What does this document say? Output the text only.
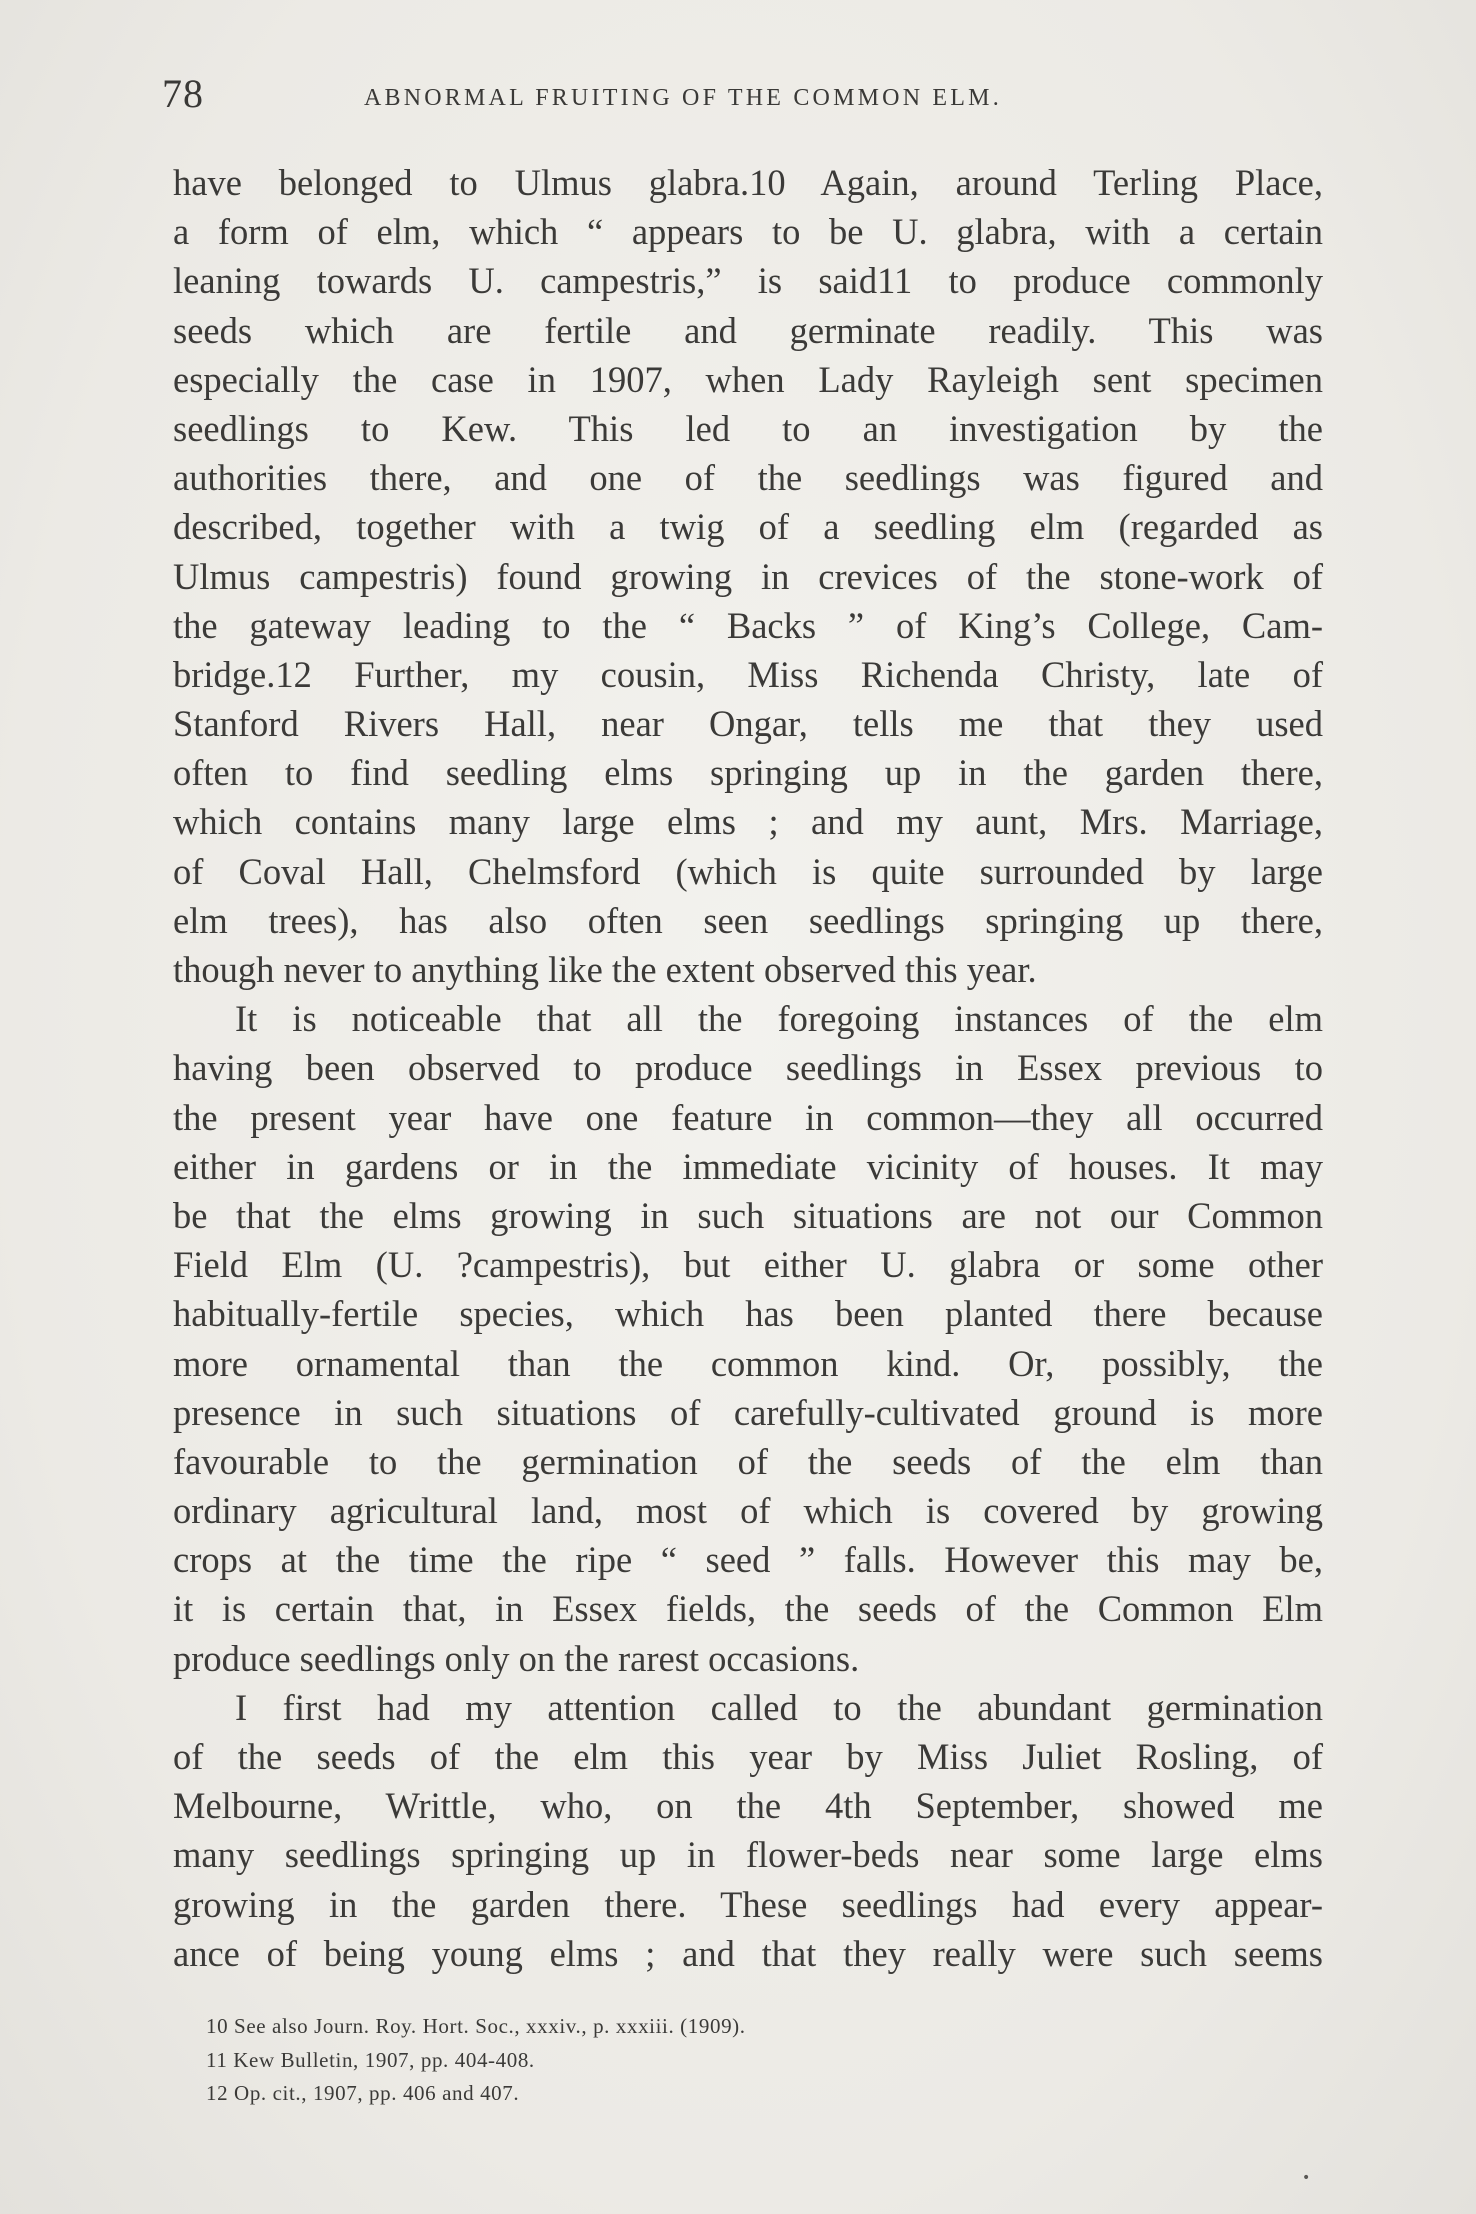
78	ABNORMAL FRUITING OF THE COMMON ELM.
have belonged to Ulmus glabra.10 Again, around Terling Place,
a form of elm, which “ appears to be U. glabra, with a certain
leaning towards U. campestris,” is said11 to produce commonly
seeds which are fertile and germinate readily. This was
especially the case in 1907, when Lady Rayleigh sent specimen
seedlings to Kew. This led to an investigation by the
authorities there, and one of the seedlings was figured and
described, together with a twig of a seedling elm (regarded as
Ulmus campestris) found growing in crevices of the stone-work of
the gateway leading to the “ Backs ” of King’s College, Cam-
bridge.12 Further, my cousin, Miss Richenda Christy, late of
Stanford Rivers Hall, near Ongar, tells me that they used
often to find seedling elms springing up in the garden there,
which contains many large elms ; and my aunt, Mrs. Marriage,
of Coval Hall, Chelmsford (which is quite surrounded by large
elm trees), has also often seen seedlings springing up there,
though never to anything like the extent observed this year.
It is noticeable that all the foregoing instances of the elm
having been observed to produce seedlings in Essex previous to
the present year have one feature in common—they all occurred
either in gardens or in the immediate vicinity of houses. It may
be that the elms growing in such situations are not our Common
Field Elm (U. ?campestris), but either U. glabra or some other
habitually-fertile species, which has been planted there because
more ornamental than the common kind. Or, possibly, the
presence in such situations of carefully-cultivated ground is more
favourable to the germination of the seeds of the elm than
ordinary agricultural land, most of which is covered by growing
crops at the time the ripe “ seed ” falls. However this may be,
it is certain that, in Essex fields, the seeds of the Common Elm
produce seedlings only on the rarest occasions.
I first had my attention called to the abundant germination
of the seeds of the elm this year by Miss Juliet Rosling, of
Melbourne, Writtle, who, on the 4th September, showed me
many seedlings springing up in flower-beds near some large elms
growing in the garden there. These seedlings had every appear-
ance of being young elms ; and that they really were such seems
10 See also Journ. Roy. Hort. Soc., xxxiv., p. xxxiii. (1909).
11 Kew Bulletin, 1907, pp. 404-408.
12 Op. cit., 1907, pp. 406 and 407.
•
